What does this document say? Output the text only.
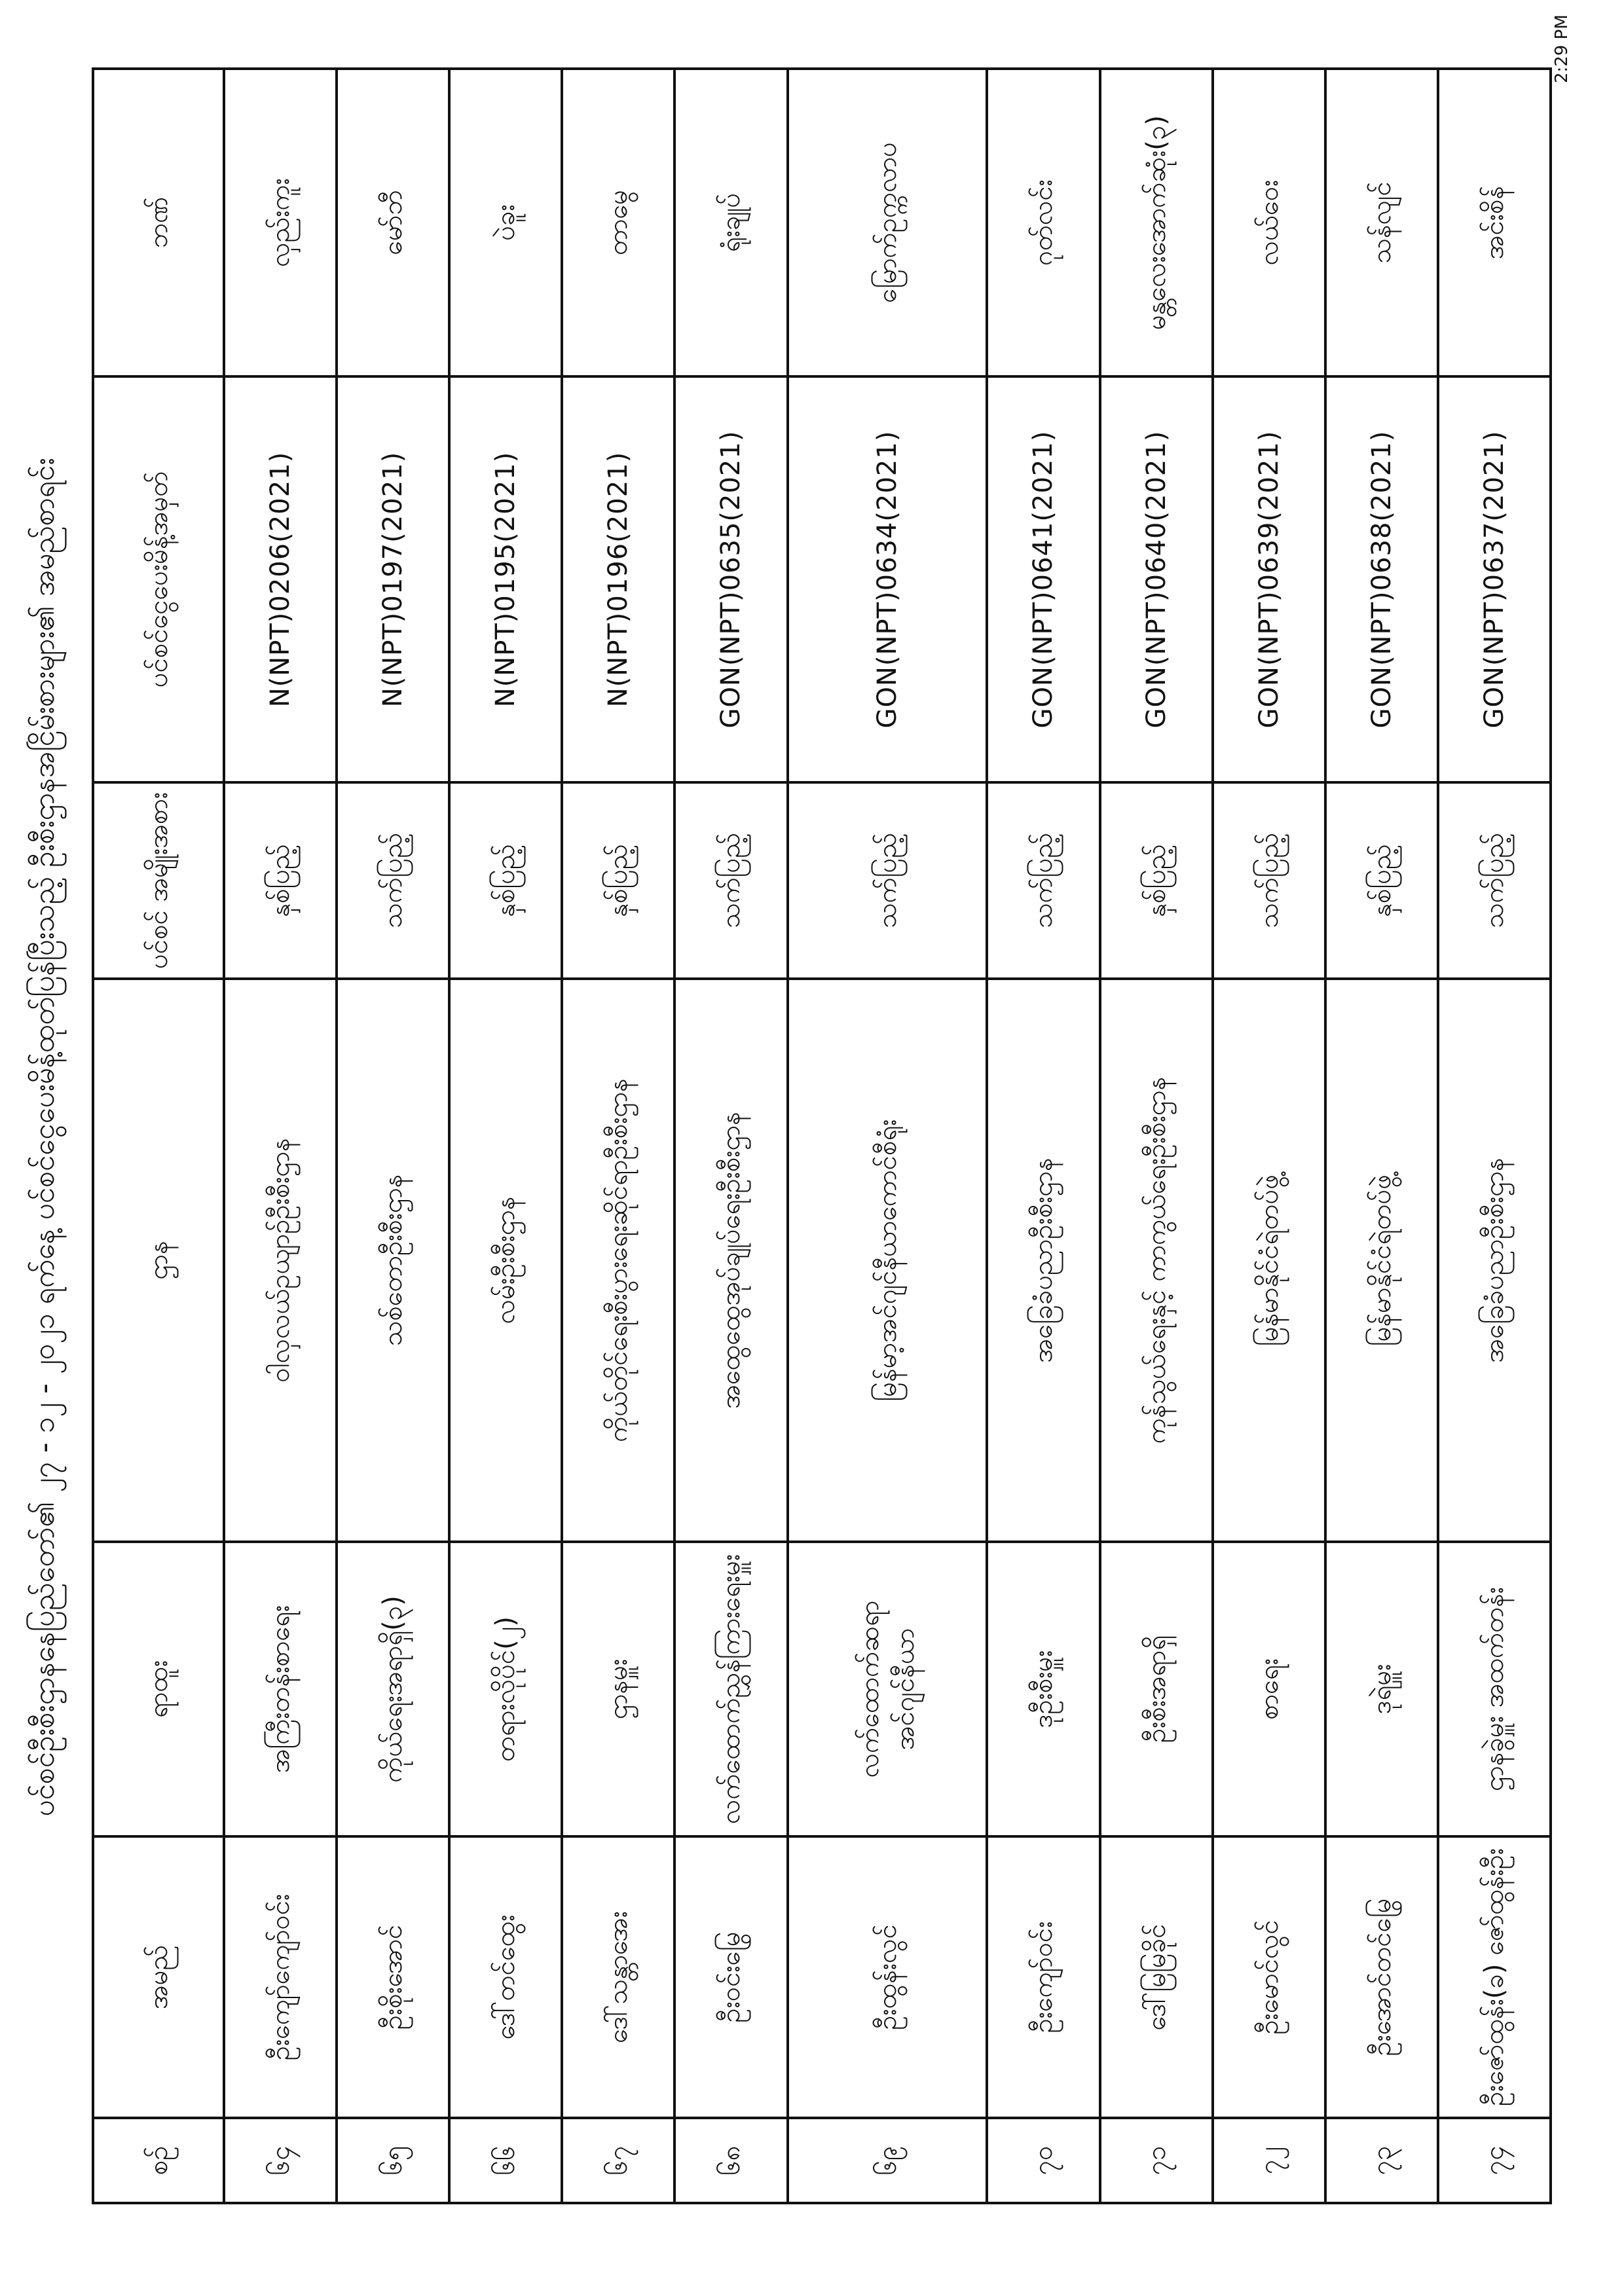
ပင်စင်ဦးစီးဌာနနေပြည်တော်၏ ၂၇ - ၁၂ - ၂၀၂၁ ရက်နေ့ ပင်စင်ငွေပေးမိန့်ထုတ်ပြန်ပြီးသည့် ဦးစီးဌာနအငြိမ်းစားများ၏ အမည်စာရင်း
စဉ်	အမည်	ရာထူး	ဌာန	ပင်စင် အမျိုးအစား	ပင်စင်ငွေပေးမိန့်အမှတ်	ဘဏ်
၆၄	ဦးကျော်ကျော်ဝင်း	အကြီးတန်းစာရေး	ဝါလှလယ်ဥယျာဉ်ဦးစီးဌာန	နှစ်ပြည့်	N(NPT)0206(2021)	လှည်းကူး
၆၅	ဦးစိုးအောင်	ကိုယ်ရေးအရာရှိ(၃)	သစ်တောဦးစီးဌာန	သက်ပြည့်	N(NPT)0197(2021)	မော်ဘီ
၆၆	ဒေါ်တင်ထွေး	တရားလိုပိုင်(၂)	လမ်းဦးစီးဌာန	နှစ်ပြည့်	N(NPT)0195(2021)	ပဲခူး
၆၇	ဒေါ်သန္တာအေး	ဌာနမှူး	ကိုယ်တိုင်ရေးစီးပွားရေးဆိုင်ရာဦးစီးဌာန	နှစ်ပြည့်	N(NPT)0196(2021)	တာမွေ
၆၈	ဦးဝင်းမြွေ	လက်ထောက်ညွှန်ကြားရေးမှူး	အထွေထွေအုပ်ချုပ်ရေးဦးစီးဌာန	သက်ပြည့်	GON(NPT)0635(2021)	ရုံးချုပ်
၆၉	ဦးထွန်းလွင်	လက်ထောက်ဆရာ အင်ဂျင်နီယာ	မြန်မာ့အင်ဂျင်နီယာကောင်စီရုံး	သက်ပြည့်	GON(NPT)0634(2021)	မြောက်ဥက္ကလာပ
၇၀	ဦးကျော်ဝင်း	ဒုဦးစီးမှူး	အခြေခံပညာဦးစီးဌာန	သက်ပြည့်	GON(NPT)0641(2021)	ဂုတ်လင်း
၇၁	ဒေါ်မြမြခိုင်	ဦးစီးအရာရှိ	ကုန်သွယ်ရေးနှင့် ကာကွယ်ရေးဦးစီးဌာန	နှစ်ပြည့်	GON(NPT)0640(2021)	မန္တလေးအောက်ဆုံး(၃)
၇၂	ဦးမောင်လွင်	စာရေး	မြန်မာနိုင်ငံရဲတပ်ဖွဲ့	သက်ပြည့်	GON(NPT)0639(2021)	လယ်ဝေး
၇၃	ဦးအောင်တင်မြွေ	ဒုရဲမှူး	မြန်မာနိုင်ငံရဲတပ်ဖွဲ့	နှစ်ပြည့်	GON(NPT)0638(2021)	သန်လျင်
၇၄	ဦးဇော်ထွန်း(ခ) ဇော်ထွန်းဦး	ဌာနခွဲမှူး အထက်တန်း	အခြေခံပညာဦးစီးဌာန	သက်ပြည့်	GON(NPT)0637(2021)	အင်းစိန်
2:29 PM
